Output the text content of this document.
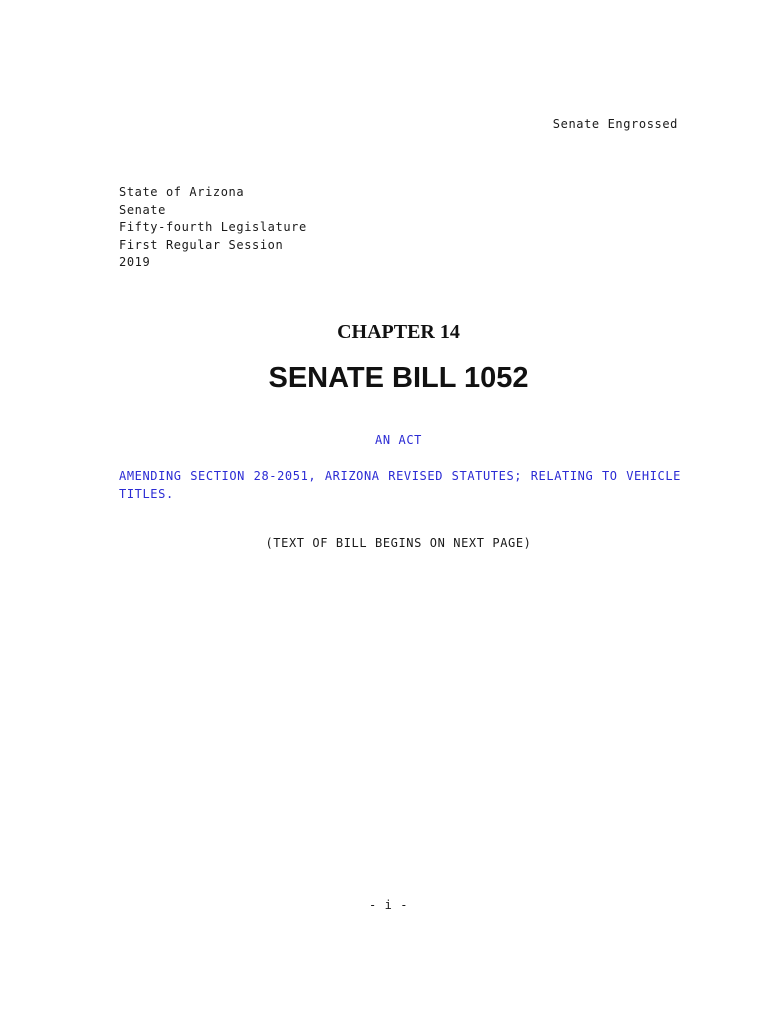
Senate Engrossed
State of Arizona
Senate
Fifty-fourth Legislature
First Regular Session
2019
CHAPTER 14
SENATE BILL 1052
AN ACT
AMENDING SECTION 28-2051, ARIZONA REVISED STATUTES; RELATING TO VEHICLE TITLES.
(TEXT OF BILL BEGINS ON NEXT PAGE)
- i -
